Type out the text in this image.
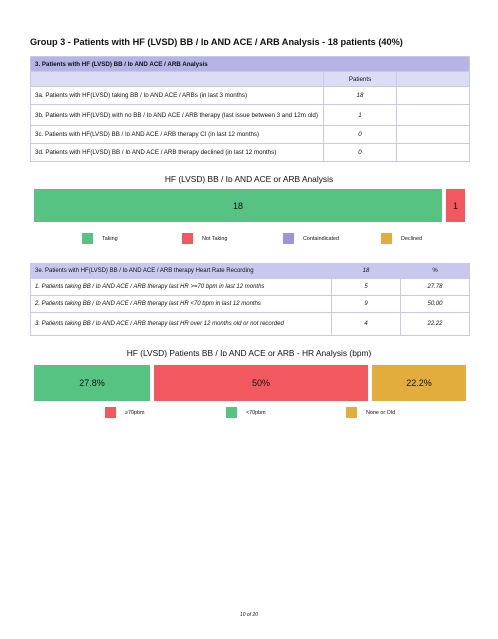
Group 3 - Patients with HF (LVSD) BB / Iᴅ AND ACE / ARB Analysis - 18 patients (40%)
3. Patients with HF (LVSD) BB / Iᴅ AND ACE / ARB Analysis		
	Patients	
3a. Patients with HF(LVSD) taking BB / Iᴅ AND ACE / ARBs (in last 3 months)	18	
3b. Patients with HF(LVSD) with no BB / Iᴅ AND ACE / ARB therapy (last issue between 3 and 12m old)	1	
3c. Patients with HF(LVSD) BB / Iᴅ AND ACE / ARB therapy CI (in last 12 months)	0	
3d. Patients with HF(LVSD) BB / Iᴅ AND ACE / ARB therapy declined (in last 12 months)	0	
HF (LVSD) BB / Iᴅ AND ACE or ARB Analysis
18	1
Taking	Not Taking	Containdicated	Declined
3e. Patients with HF(LVSD) BB / Iᴅ AND ACE / ARB therapy Heart Rate Recording	18	%
1. Patients taking BB / Iᴅ AND ACE / ARB therapy last HR >=70 bpm in last 12 months	5	27.78
2. Patients taking BB / Iᴅ AND ACE / ARB therapy last HR <70 bpm in last 12 months	9	50.00
3. Patients taking BB / Iᴅ AND ACE / ARB therapy last HR over 12 months old or not recorded	4	22.22
HF (LVSD) Patients BB / Iᴅ AND ACE or ARB - HR Analysis (bpm)
27.8%	50%	22.2%
≥70pbm	<70pbm	None or Old
10 of 20
